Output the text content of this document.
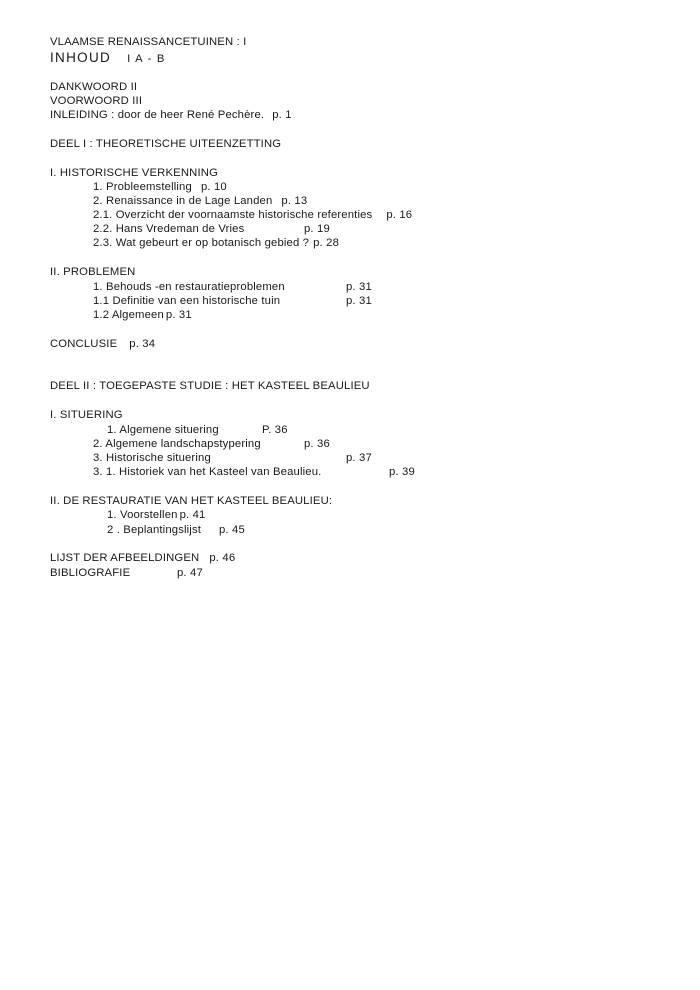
VLAAMSE RENAISSANCETUINEN : I
INHOUD I A - B
DANKWOORD II
VOORWOORD III
INLEIDING : door de heer René Pechère. p. 1
DEEL I : THEORETISCHE UITEENZETTING
I. HISTORISCHE VERKENNING
1. Probleemstelling p. 10
2. Renaissance in de Lage Landen p. 13
2.1. Overzicht der voornaamste historische referenties p. 16
2.2. Hans Vredeman de Vries	p. 19
2.3. Wat gebeurt er op botanisch gebied ? p. 28
II. PROBLEMEN
1. Behouds -en restauratieproblemen	p. 31
1.1 Definitie van een historische tuin	p. 31
1.2 Algemeen p. 31
CONCLUSIE p. 34
DEEL II : TOEGEPASTE STUDIE : HET KASTEEL BEAULIEU
I. SITUERING
1. Algemene situering	P. 36
2. Algemene landschapstypering	p. 36
3. Historische situering	p. 37
3. 1. Historiek van het Kasteel van Beaulieu.	p. 39
II. DE RESTAURATIE VAN HET KASTEEL BEAULIEU:
1. Voorstellen p. 41
2 . Beplantingslijst p. 45
LIJST DER AFBEELDINGEN p. 46
BIBLIOGRAFIE	p. 47
